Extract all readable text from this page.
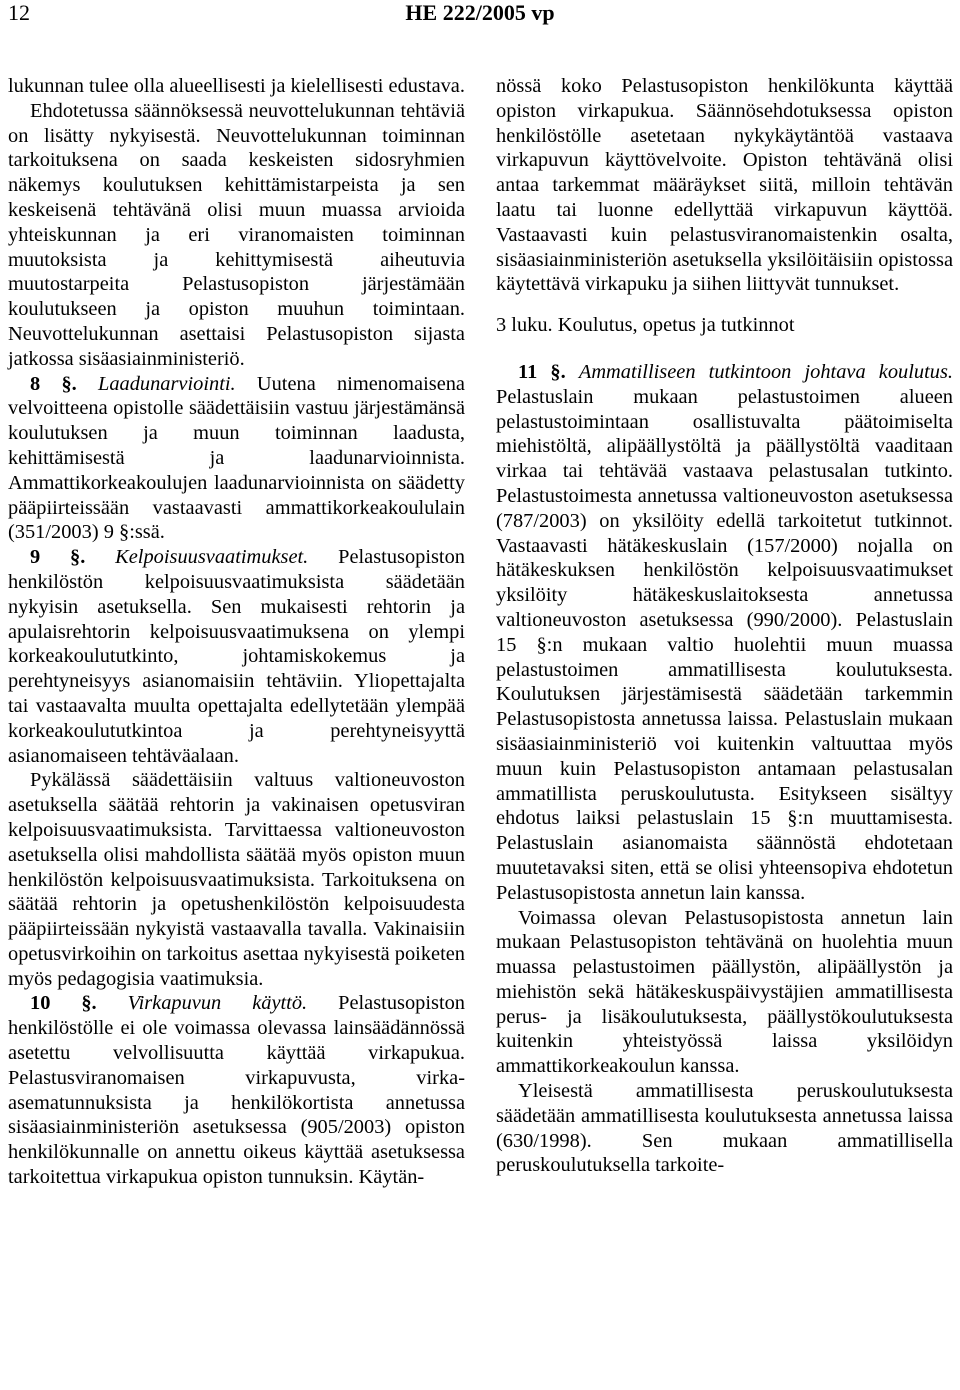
12	HE 222/2005 vp

lukunnan tulee olla alueellisesti ja kielellisesti edustava.

Ehdotetussa säännöksessä neuvottelukunnan tehtäviä on lisätty nykyisestä. Neuvottelukunnan toiminnan tarkoituksena on saada keskeisten sidosryhmien näkemys koulutuksen kehittämistarpeista ja sen keskeisenä tehtävänä olisi muun muassa arvioida yhteiskunnan ja eri viranomaisten toiminnan muutoksista ja kehittymisestä aiheutuvia muutostarpeita Pelastusopiston järjestämään koulutukseen ja opiston muuhun toimintaan. Neuvottelukunnan asettaisi Pelastusopiston sijasta jatkossa sisäasiainministeriö.

8 §. Laadunarviointi. Uutena nimenomaisena velvoitteena opistolle säädettäisiin vastuu järjestämänsä koulutuksen ja muun toiminnan laadusta, kehittämisestä ja laadunarvioinnista. Ammattikorkeakoulujen laadunarvioinnista on säädetty pääpiirteissään vastaavasti ammattikorkeakoululain (351/2003) 9 §:ssä.

9 §. Kelpoisuusvaatimukset. Pelastusopiston henkilöstön kelpoisuusvaatimuksista säädetään nykyisin asetuksella. Sen mukaisesti rehtorin ja apulaisrehtorin kelpoisuusvaatimuksena on ylempi korkeakoulututkinto, johtamiskokemus ja perehtyneisyys asianomaisiin tehtäviin. Yliopettajalta tai vastaavalta muulta opettajalta edellytetään ylempää korkeakoulututkintoa ja perehtyneisyyttä asianomaiseen tehtäväalaan.

Pykälässä säädettäisiin valtuus valtioneuvoston asetuksella säätää rehtorin ja vakinaisen opetusviran kelpoisuusvaatimuksista. Tarvittaessa valtioneuvoston asetuksella olisi mahdollista säätää myös opiston muun henkilöstön kelpoisuusvaatimuksista. Tarkoituksena on säätää rehtorin ja opetushenkilöstön kelpoisuudesta pääpiirteissään nykyistä vastaavalla tavalla. Vakinaisiin opetusvirkoihin on tarkoitus asettaa nykyisestä poiketen myös pedagogisia vaatimuksia.

10 §. Virkapuvun käyttö. Pelastusopiston henkilöstölle ei ole voimassa olevassa lainsäädännössä asetettu velvollisuutta käyttää virkapukua. Pelastusviranomaisen virkapuvusta, virka-asematunnuksista ja henkilökortista annetussa sisäasiainministeriön asetuksessa (905/2003) opiston henkilökunnalle on annettu oikeus käyttää asetuksessa tarkoitettua virkapukua opiston tunnuksin. Käytän-

nössä koko Pelastusopiston henkilökunta käyttää opiston virkapukua. Säännösehdotuksessa opiston henkilöstölle asetetaan nykykäytäntöä vastaava virkapuvun käyttövelvoite. Opiston tehtävänä olisi antaa tarkemmat määräykset siitä, milloin tehtävän laatu tai luonne edellyttää virkapuvun käyttöä. Vastaavasti kuin pelastusviranomaistenkin osalta, sisäasiainministeriön asetuksella yksilöitäisiin opistossa käytettävä virkapuku ja siihen liittyvät tunnukset.

3 luku. Koulutus, opetus ja tutkinnot

11 §. Ammatilliseen tutkintoon johtava koulutus. Pelastuslain mukaan pelastustoimen alueen pelastustoimintaan osallistuvalta päätoimiselta miehistöltä, alipäällystöltä ja päällystöltä vaaditaan virkaa tai tehtävää vastaava pelastusalan tutkinto. Pelastustoimesta annetussa valtioneuvoston asetuksessa (787/2003) on yksilöity edellä tarkoitetut tutkinnot. Vastaavasti hätäkeskuslain (157/2000) nojalla on hätäkeskuksen henkilöstön kelpoisuusvaatimukset yksilöity hätäkeskuslaitoksesta annetussa valtioneuvoston asetuksessa (990/2000). Pelastuslain 15 §:n mukaan valtio huolehtii muun muassa pelastustoimen ammatillisesta koulutuksesta. Koulutuksen järjestämisestä säädetään tarkemmin Pelastusopistosta annetussa laissa. Pelastuslain mukaan sisäasiainministeriö voi kuitenkin valtuuttaa myös muun kuin Pelastusopiston antamaan pelastusalan ammatillista peruskoulutusta. Esitykseen sisältyy ehdotus laiksi pelastuslain 15 §:n muuttamisesta. Pelastuslain asianomaista säännöstä ehdotetaan muutetavaksi siten, että se olisi yhteensopiva ehdotetun Pelastusopistosta annetun lain kanssa.

Voimassa olevan Pelastusopistosta annetun lain mukaan Pelastusopiston tehtävänä on huolehtia muun muassa pelastustoimen päällystön, alipäällystön ja miehistön sekä hätäkeskuspäivystäjien ammatillisesta perus- ja lisäkoulutuksesta, päällystökoulutuksesta kuitenkin yhteistyössä laissa yksilöidyn ammattikorkeakoulun kanssa.

Yleisestä ammatillisesta peruskoulutuksesta säädetään ammatillisesta koulutuksesta annetussa laissa (630/1998). Sen mukaan ammatillisella peruskoulutuksella tarkoite-
